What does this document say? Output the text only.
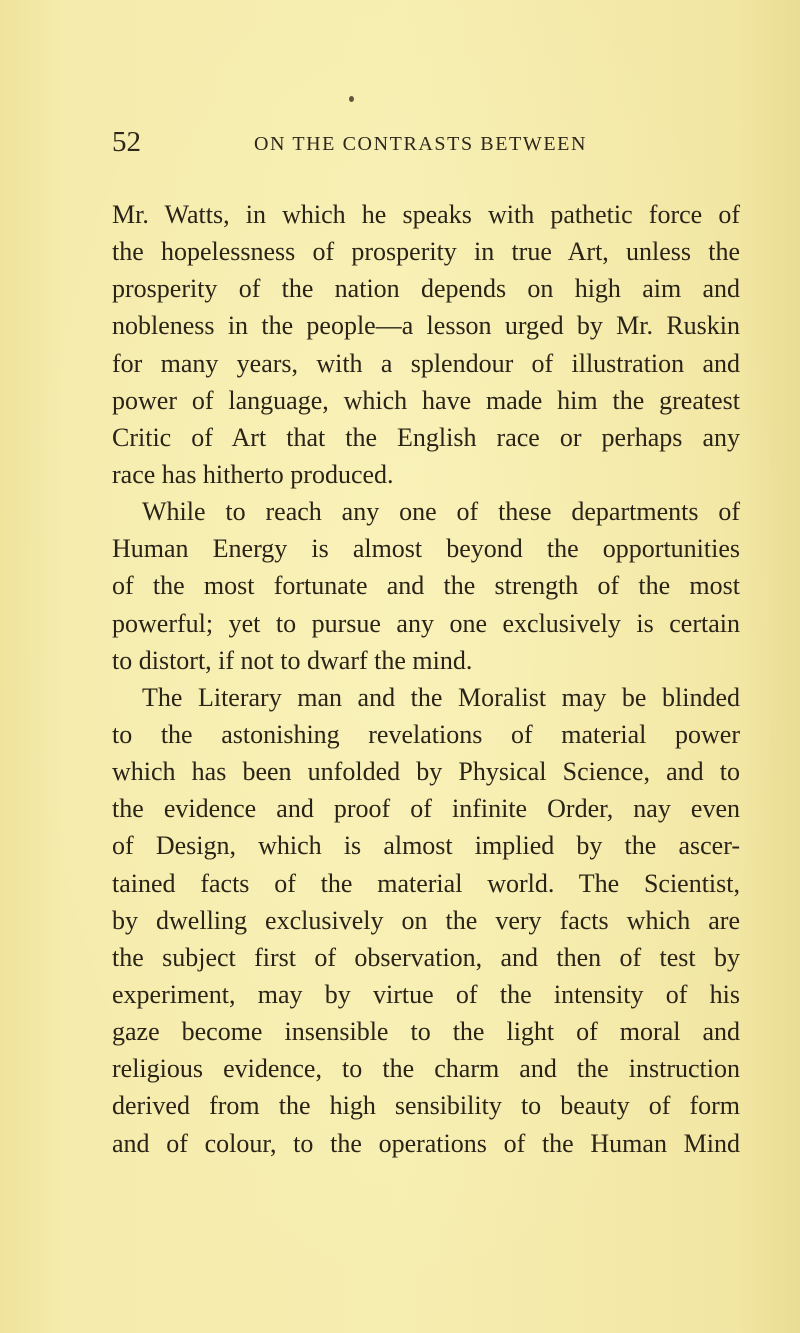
52	ON THE CONTRASTS BETWEEN
Mr. Watts, in which he speaks with pathetic force of
the hopelessness of prosperity in true Art, unless the
prosperity of the nation depends on high aim and
nobleness in the people—a lesson urged by Mr. Ruskin
for many years, with a splendour of illustration and
power of language, which have made him the greatest
Critic of Art that the English race or perhaps any
race has hitherto produced.
While to reach any one of these departments of
Human Energy is almost beyond the opportunities
of the most fortunate and the strength of the most
powerful; yet to pursue any one exclusively is certain
to distort, if not to dwarf the mind.
The Literary man and the Moralist may be blinded
to the astonishing revelations of material power
which has been unfolded by Physical Science, and to
the evidence and proof of infinite Order, nay even
of Design, which is almost implied by the ascer-
tained facts of the material world. The Scientist,
by dwelling exclusively on the very facts which are
the subject first of observation, and then of test by
experiment, may by virtue of the intensity of his
gaze become insensible to the light of moral and
religious evidence, to the charm and the instruction
derived from the high sensibility to beauty of form
and of colour, to the operations of the Human Mind
